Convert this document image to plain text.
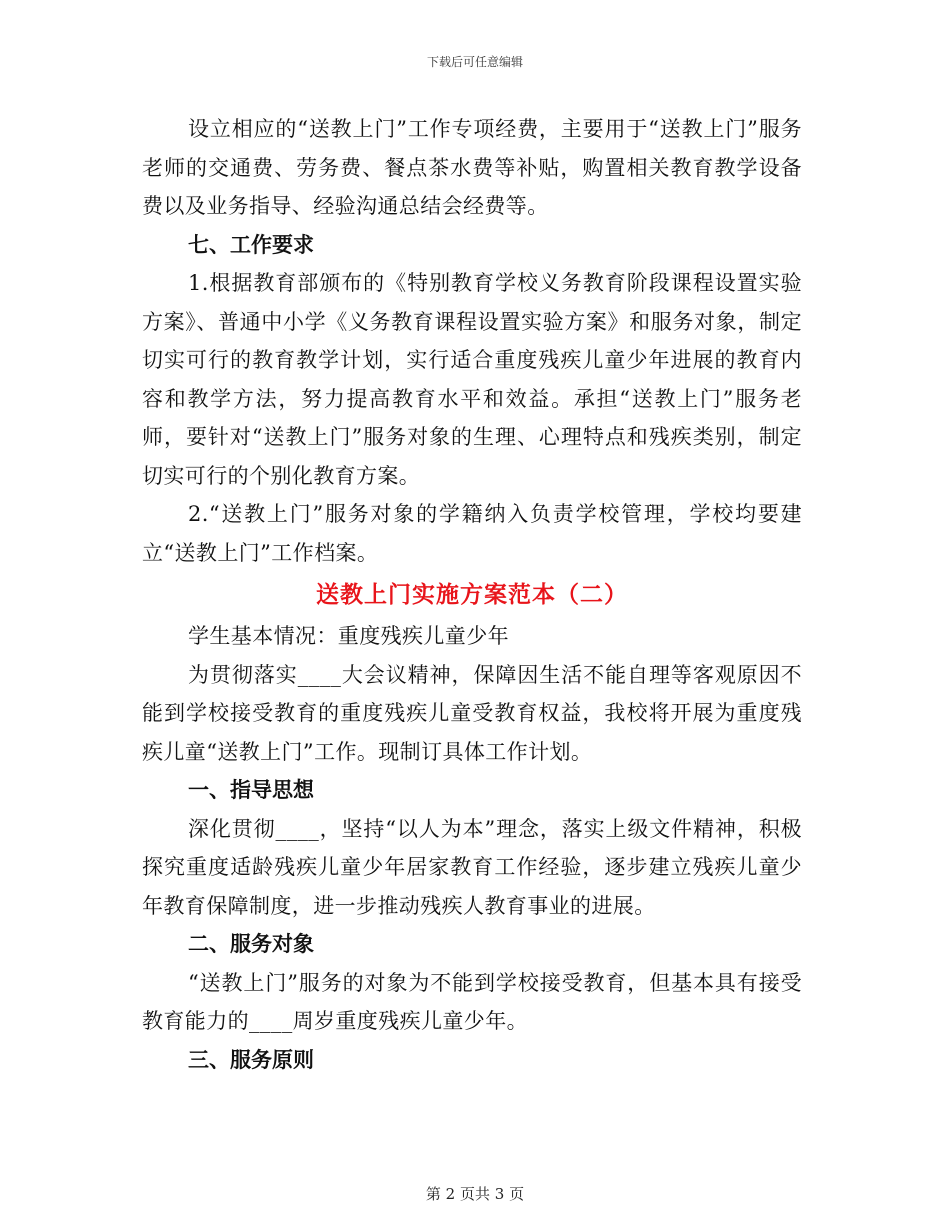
下载后可任意编辑

设立相应的“送教上门”工作专项经费，主要用于“送教上门”服务老师的交通费、劳务费、餐点茶水费等补贴，购置相关教育教学设备费以及业务指导、经验沟通总结会经费等。

七、工作要求

1.根据教育部颁布的《特别教育学校义务教育阶段课程设置实验方案》、普通中小学《义务教育课程设置实验方案》和服务对象，制定切实可行的教育教学计划，实行适合重度残疾儿童少年进展的教育内容和教学方法，努力提高教育水平和效益。承担“送教上门”服务老师，要针对“送教上门”服务对象的生理、心理特点和残疾类别，制定切实可行的个别化教育方案。

2.“送教上门”服务对象的学籍纳入负责学校管理，学校均要建立“送教上门”工作档案。

送教上门实施方案范本（二）

学生基本情况：重度残疾儿童少年

为贯彻落实____大会议精神，保障因生活不能自理等客观原因不能到学校接受教育的重度残疾儿童受教育权益，我校将开展为重度残疾儿童“送教上门”工作。现制订具体工作计划。

一、指导思想

深化贯彻____，坚持“以人为本”理念，落实上级文件精神，积极探究重度适龄残疾儿童少年居家教育工作经验，逐步建立残疾儿童少年教育保障制度，进一步推动残疾人教育事业的进展。

二、服务对象

“送教上门”服务的对象为不能到学校接受教育，但基本具有接受教育能力的____周岁重度残疾儿童少年。

三、服务原则

第 2 页共 3 页
